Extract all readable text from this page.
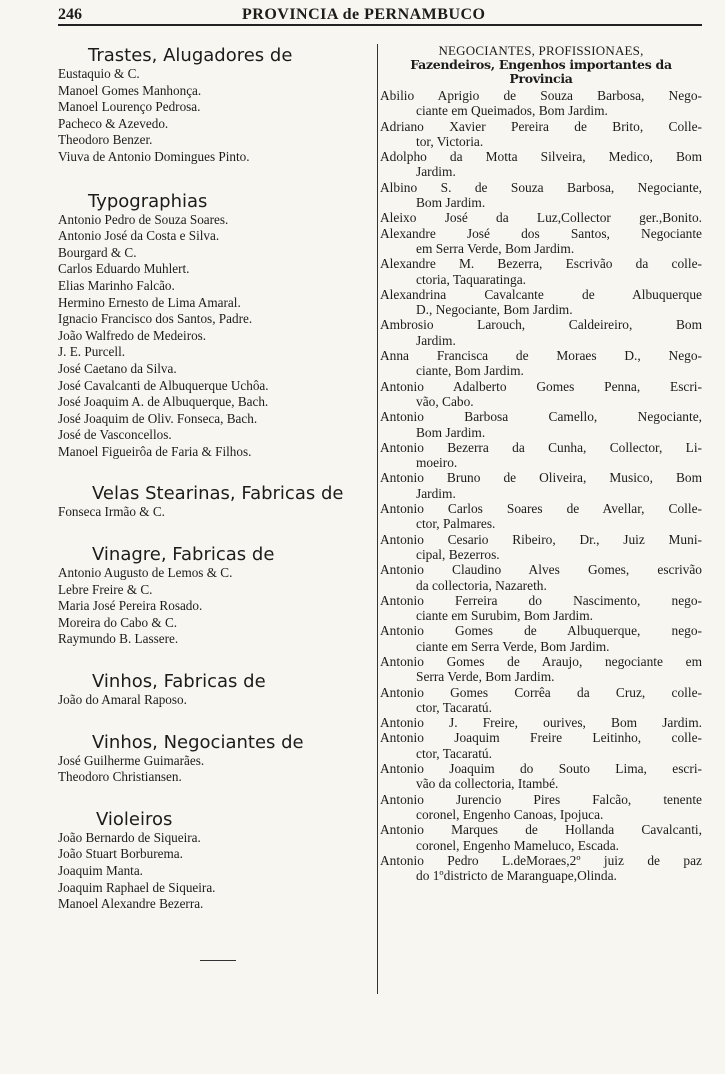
246	PROVINCIA de PERNAMBUCO
Trastes, Alugadores de
Eustaquio & C.
Manoel Gomes Manhonça.
Manoel Lourenço Pedrosa.
Pacheco & Azevedo.
Theodoro Benzer.
Viuva de Antonio Domingues Pinto.
Typographias
Antonio Pedro de Souza Soares.
Antonio José da Costa e Silva.
Bourgard & C.
Carlos Eduardo Muhlert.
Elias Marinho Falcão.
Hermino Ernesto de Lima Amaral.
Ignacio Francisco dos Santos, Padre.
João Walfredo de Medeiros.
J. E. Purcell.
José Caetano da Silva.
José Cavalcanti de Albuquerque Uchôa.
José Joaquim A. de Albuquerque, Bach.
José Joaquim de Oliv. Fonseca, Bach.
José de Vasconcellos.
Manoel Figueirôa de Faria & Filhos.
Velas Stearinas, Fabricas de
Fonseca Irmão & C.
Vinagre, Fabricas de
Antonio Augusto de Lemos & C.
Lebre Freire & C.
Maria José Pereira Rosado.
Moreira do Cabo & C.
Raymundo B. Lassere.
Vinhos, Fabricas de
João do Amaral Raposo.
Vinhos, Negociantes de
José Guilherme Guimarães.
Theodoro Christiansen.
Violeiros
João Bernardo de Siqueira.
João Stuart Borburema.
Joaquim Manta.
Joaquim Raphael de Siqueira.
Manoel Alexandre Bezerra.
NEGOCIANTES, PROFISSIONAES,
Fazendeiros, Engenhos importantes da Provincia
Abilio Aprigio de Souza Barbosa, Nego-
ciante em Queimados, Bom Jardim.
Adriano Xavier Pereira de Brito, Colle-
tor, Victoria.
Adolpho da Motta Silveira, Medico, Bom
Jardim.
Albino S. de Souza Barbosa, Negociante,
Bom Jardim.
Aleixo José da Luz,Collector ger.,Bonito.
Alexandre José dos Santos, Negociante
em Serra Verde, Bom Jardim.
Alexandre M. Bezerra, Escrivão da colle-
ctoria, Taquaratinga.
Alexandrina Cavalcante de Albuquerque
D., Negociante, Bom Jardim.
Ambrosio Larouch, Caldeireiro, Bom
Jardim.
Anna Francisca de Moraes D., Nego-
ciante, Bom Jardim.
Antonio Adalberto Gomes Penna, Escri-
vão, Cabo.
Antonio Barbosa Camello, Negociante,
Bom Jardim.
Antonio Bezerra da Cunha, Collector, Li-
moeiro.
Antonio Bruno de Oliveira, Musico, Bom
Jardim.
Antonio Carlos Soares de Avellar, Colle-
ctor, Palmares.
Antonio Cesario Ribeiro, Dr., Juiz Muni-
cipal, Bezerros.
Antonio Claudino Alves Gomes, escrivão
da collectoria, Nazareth.
Antonio Ferreira do Nascimento, nego-
ciante em Surubim, Bom Jardim.
Antonio Gomes de Albuquerque, nego-
ciante em Serra Verde, Bom Jardim.
Antonio Gomes de Araujo, negociante em
Serra Verde, Bom Jardim.
Antonio Gomes Corrêa da Cruz, colle-
ctor, Tacaratú.
Antonio J. Freire, ourives, Bom Jardim.
Antonio Joaquim Freire Leitinho, colle-
ctor, Tacaratú.
Antonio Joaquim do Souto Lima, escri-
vão da collectoria, Itambé.
Antonio Jurencio Pires Falcão, tenente
coronel, Engenho Canoas, Ipojuca.
Antonio Marques de Hollanda Cavalcanti,
coronel, Engenho Mameluco, Escada.
Antonio Pedro L.deMoraes,2º juiz de paz
do 1ºdistricto de Maranguape,Olinda.
